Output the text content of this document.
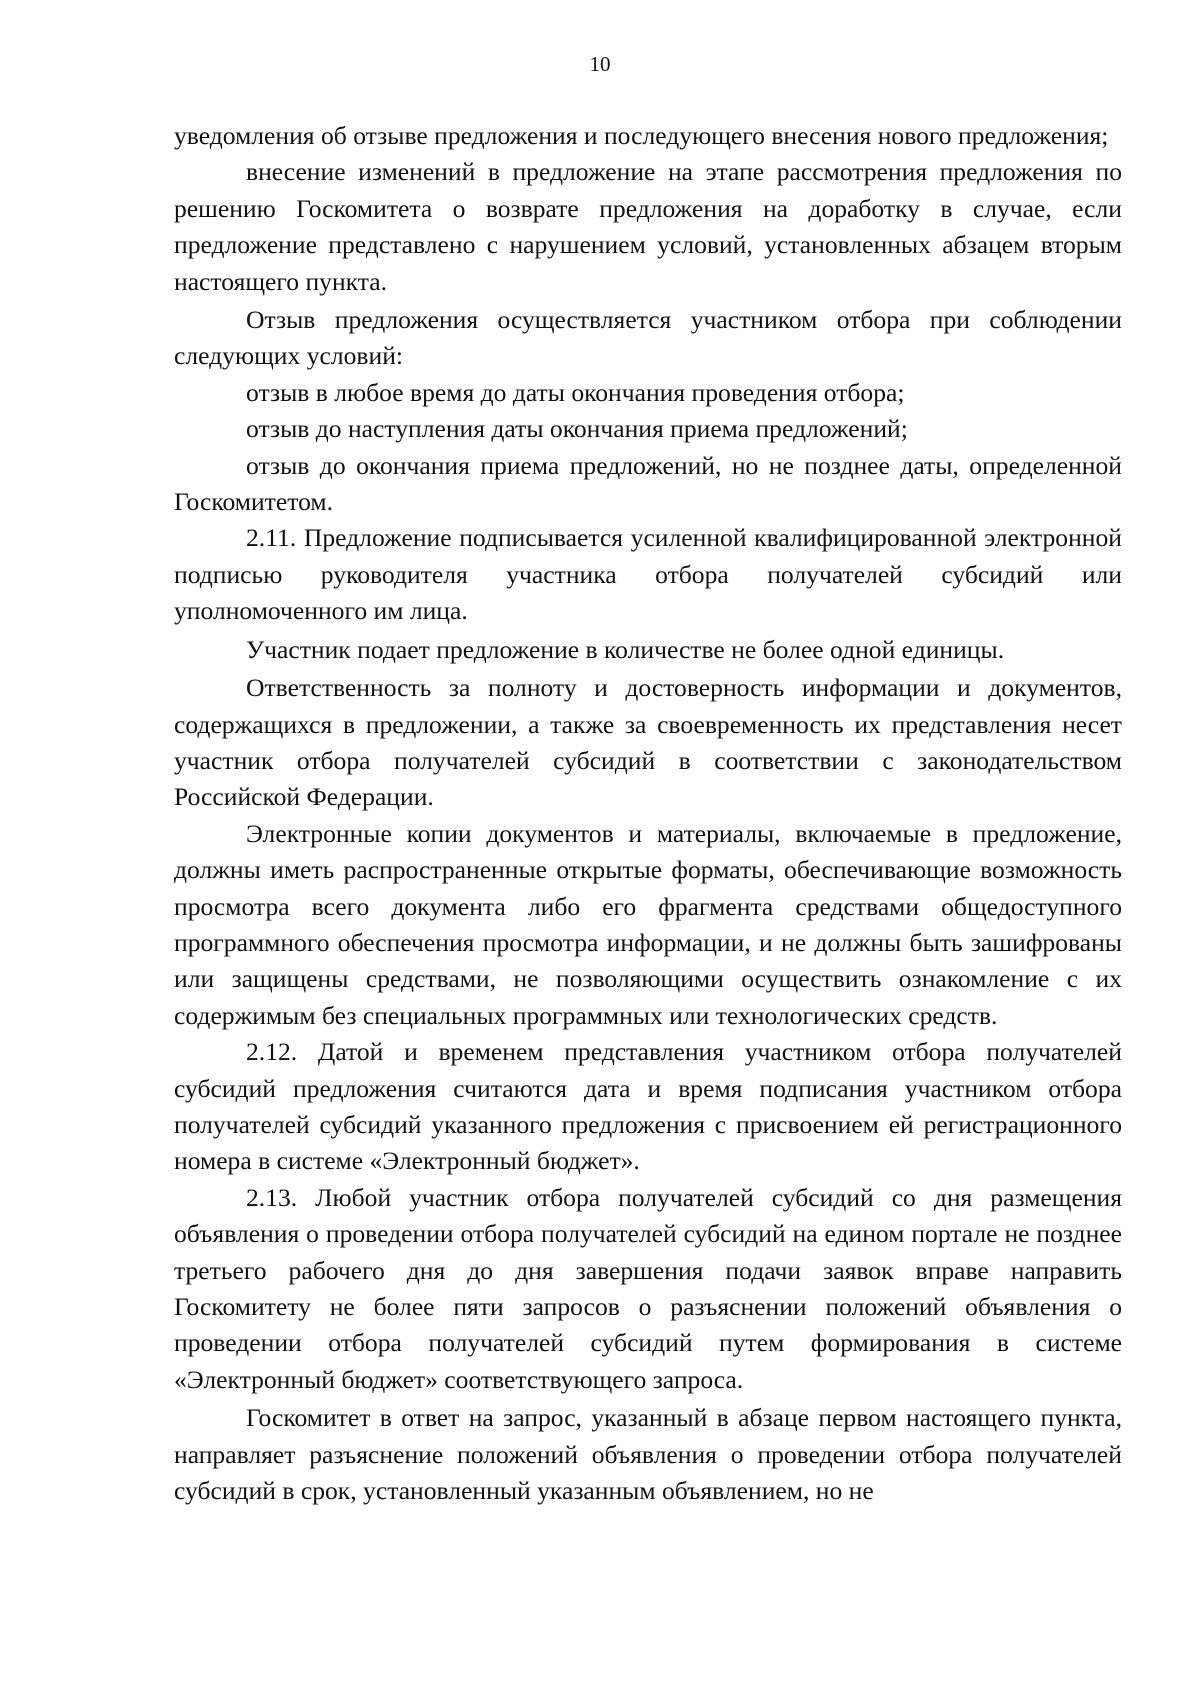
10

уведомления об отзыве предложения и последующего внесения нового предложения;

внесение изменений в предложение на этапе рассмотрения предложения по решению Госкомитета о возврате предложения на доработку в случае, если предложение представлено с нарушением условий, установленных абзацем вторым настоящего пункта.

Отзыв предложения осуществляется участником отбора при соблюдении следующих условий:

отзыв в любое время до даты окончания проведения отбора;

отзыв до наступления даты окончания приема предложений;

отзыв до окончания приема предложений, но не позднее даты, определенной Госкомитетом.

2.11. Предложение подписывается усиленной квалифицированной электронной подписью руководителя участника отбора получателей субсидий или уполномоченного им лица.

Участник подает предложение в количестве не более одной единицы.

Ответственность за полноту и достоверность информации и документов, содержащихся в предложении, а также за своевременность их представления несет участник отбора получателей субсидий в соответствии с законодательством Российской Федерации.

Электронные копии документов и материалы, включаемые в предложение, должны иметь распространенные открытые форматы, обеспечивающие возможность просмотра всего документа либо его фрагмента средствами общедоступного программного обеспечения просмотра информации, и не должны быть зашифрованы или защищены средствами, не позволяющими осуществить ознакомление с их содержимым без специальных программных или технологических средств.

2.12. Датой и временем представления участником отбора получателей субсидий предложения считаются дата и время подписания участником отбора получателей субсидий указанного предложения с присвоением ей регистрационного номера в системе «Электронный бюджет».

2.13. Любой участник отбора получателей субсидий со дня размещения объявления о проведении отбора получателей субсидий на едином портале не позднее третьего рабочего дня до дня завершения подачи заявок вправе направить Госкомитету не более пяти запросов о разъяснении положений объявления о проведении отбора получателей субсидий путем формирования в системе «Электронный бюджет» соответствующего запроса.

Госкомитет в ответ на запрос, указанный в абзаце первом настоящего пункта, направляет разъяснение положений объявления о проведении отбора получателей субсидий в срок, установленный указанным объявлением, но не
